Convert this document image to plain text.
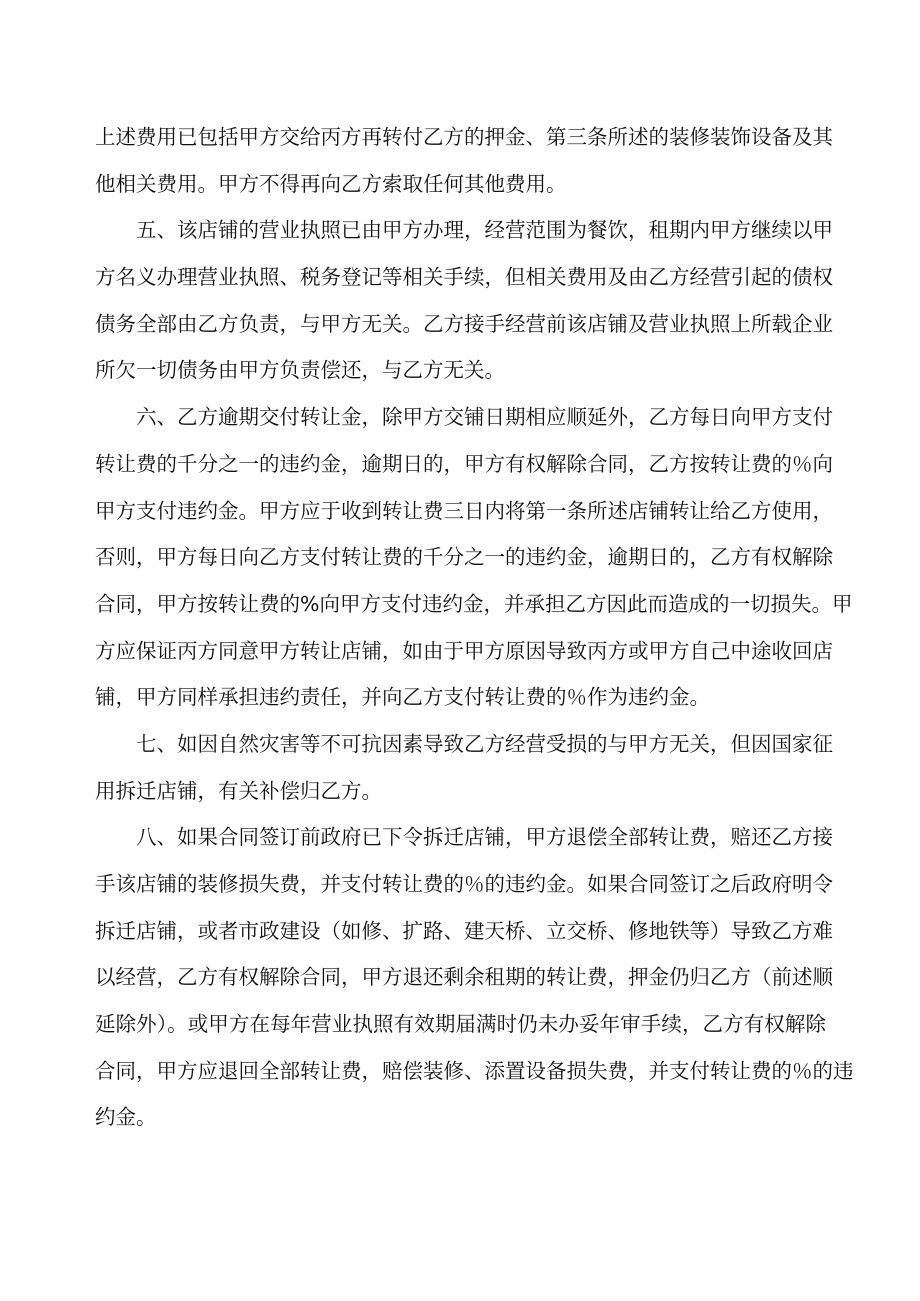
上述费用已包括甲方交给丙方再转付乙方的押金、第三条所述的装修装饰设备及其
他相关费用。甲方不得再向乙方索取任何其他费用。
　　五、该店铺的营业执照已由甲方办理，经营范围为餐饮，租期内甲方继续以甲
方名义办理营业执照、税务登记等相关手续，但相关费用及由乙方经营引起的债权
债务全部由乙方负责，与甲方无关。乙方接手经营前该店铺及营业执照上所载企业
所欠一切债务由甲方负责偿还，与乙方无关。
　　六、乙方逾期交付转让金，除甲方交铺日期相应顺延外，乙方每日向甲方支付
转让费的千分之一的违约金，逾期日的，甲方有权解除合同，乙方按转让费的％向
甲方支付违约金。甲方应于收到转让费三日内将第一条所述店铺转让给乙方使用，
否则，甲方每日向乙方支付转让费的千分之一的违约金，逾期日的，乙方有权解除
合同，甲方按转让费的%向甲方支付违约金，并承担乙方因此而造成的一切损失。甲
方应保证丙方同意甲方转让店铺，如由于甲方原因导致丙方或甲方自己中途收回店
铺，甲方同样承担违约责任，并向乙方支付转让费的％作为违约金。
　　七、如因自然灾害等不可抗因素导致乙方经营受损的与甲方无关，但因国家征
用拆迁店铺，有关补偿归乙方。
　　八、如果合同签订前政府已下令拆迁店铺，甲方退偿全部转让费，赔还乙方接
手该店铺的装修损失费，并支付转让费的％的违约金。如果合同签订之后政府明令
拆迁店铺，或者市政建设（如修、扩路、建天桥、立交桥、修地铁等）导致乙方难
以经营，乙方有权解除合同，甲方退还剩余租期的转让费，押金仍归乙方（前述顺
延除外）。或甲方在每年营业执照有效期届满时仍未办妥年审手续，乙方有权解除
合同，甲方应退回全部转让费，赔偿装修、添置设备损失费，并支付转让费的％的违
约金。
